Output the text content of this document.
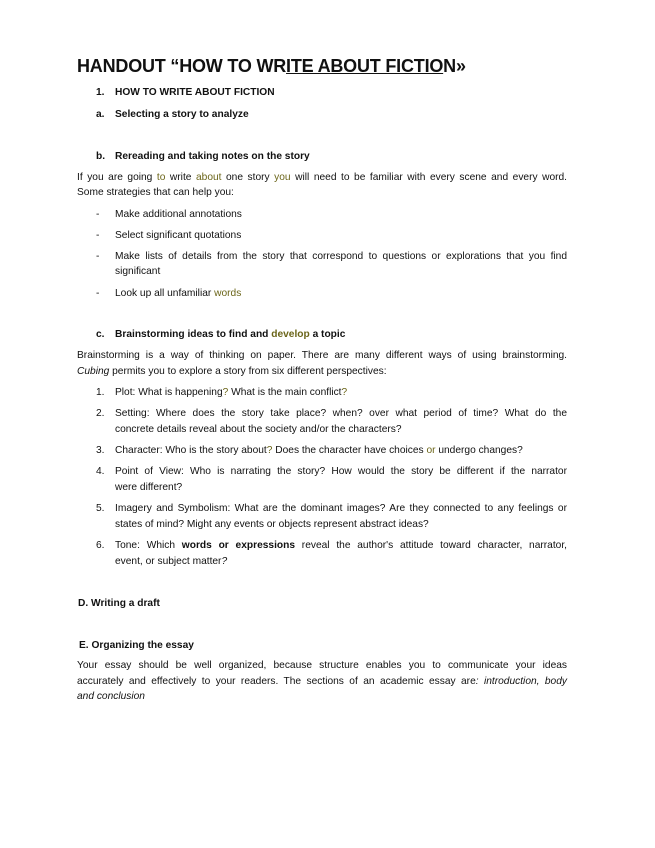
HANDOUT “HOW TO WRITE ABOUT FICTION»
1. HOW TO WRITE ABOUT FICTION
a. Selecting a story to analyze
b. Rereading and taking notes on the story
If you are going to write about one story you will need to be familiar with every scene and every word.
Some strategies that can help you:
- Make additional annotations
- Select significant quotations
- Make lists of details from the story that correspond to questions or explorations that you find
significant
- Look up all unfamiliar words
c. Brainstorming ideas to find and develop a topic
Brainstorming is a way of thinking on paper. There are many different ways of using brainstorming.
Cubing permits you to explore a story from six different perspectives:
1. Plot: What is happening? What is the main conflict?
2. Setting: Where does the story take place? when? over what period of time? What do the
concrete details reveal about the society and/or the characters?
3. Character: Who is the story about? Does the character have choices or undergo changes?
4. Point of View: Who is narrating the story? How would the story be different if the narrator
were different?
5. Imagery and Symbolism: What are the dominant images? Are they connected to any feelings or
states of mind? Might any events or objects represent abstract ideas?
6. Tone: Which words or expressions reveal the author's attitude toward character, narrator,
event, or subject matter?
D. Writing a draft
E. Organizing the essay
Your essay should be well organized, because structure enables you to communicate your ideas
accurately and effectively to your readers. The sections of an academic essay are: introduction, body
and conclusion
